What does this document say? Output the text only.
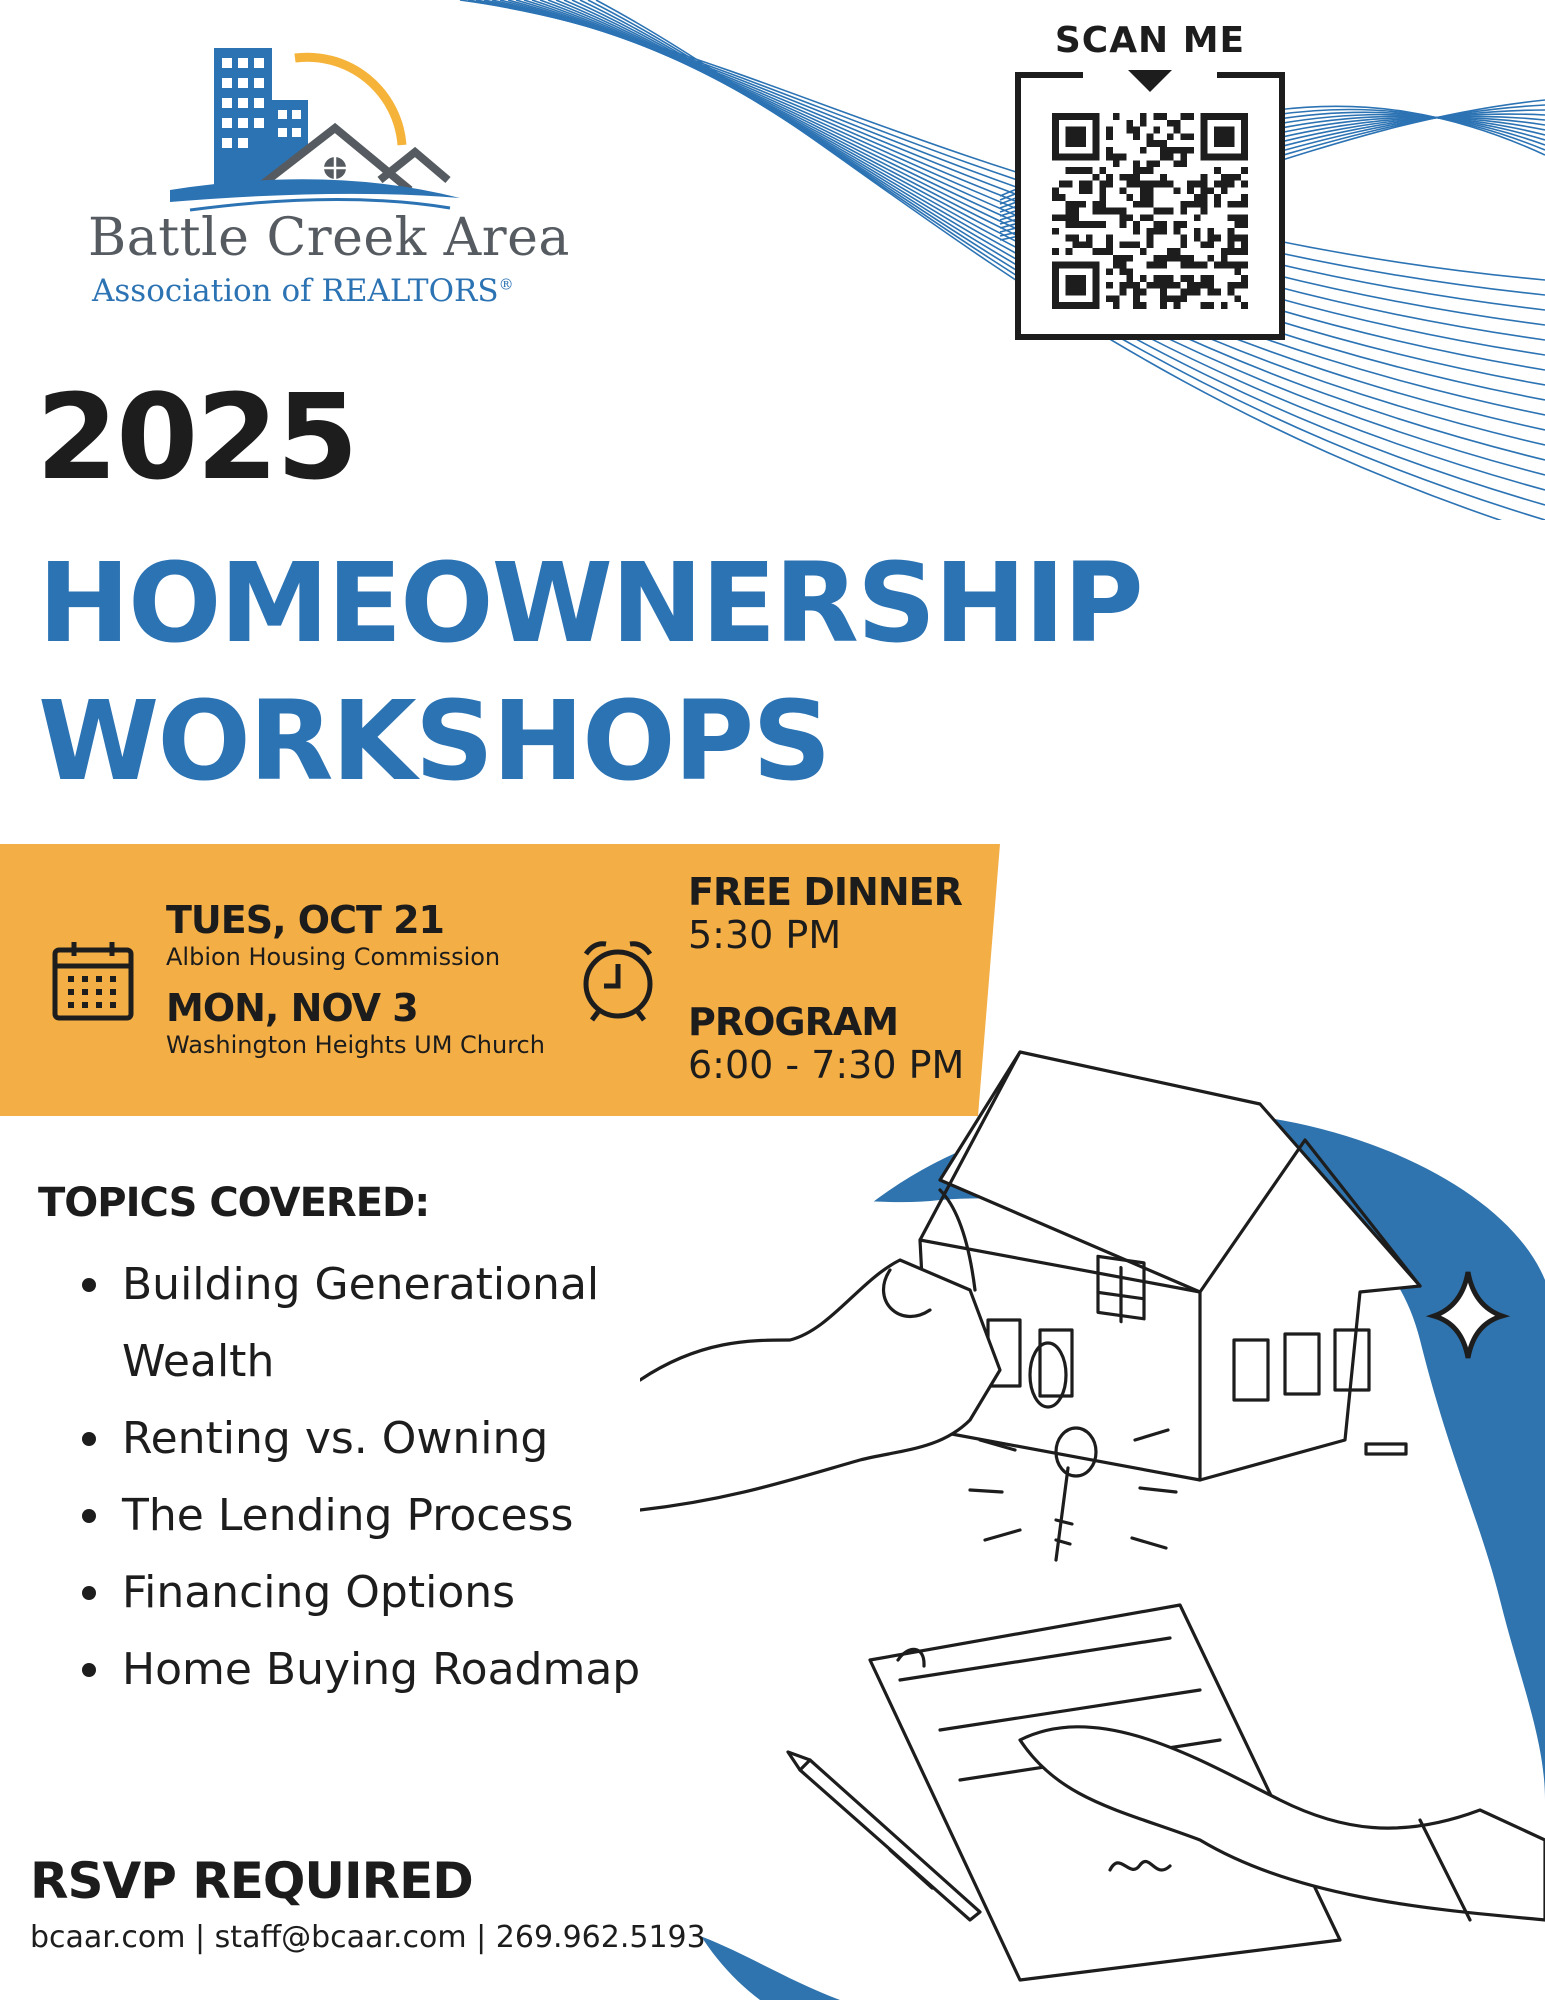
Battle Creek Area
Association of REALTORS®
SCAN ME
2025
HOMEOWNERSHIP
WORKSHOPS
TUES, OCT 21
Albion Housing Commission
MON, NOV 3
Washington Heights UM Church
FREE DINNER
5:30 PM
PROGRAM
6:00 - 7:30 PM
TOPICS COVERED:
Building Generational Wealth
Renting vs. Owning
The Lending Process
Financing Options
Home Buying Roadmap
RSVP REQUIRED
bcaar.com | staff@bcaar.com | 269.962.5193
